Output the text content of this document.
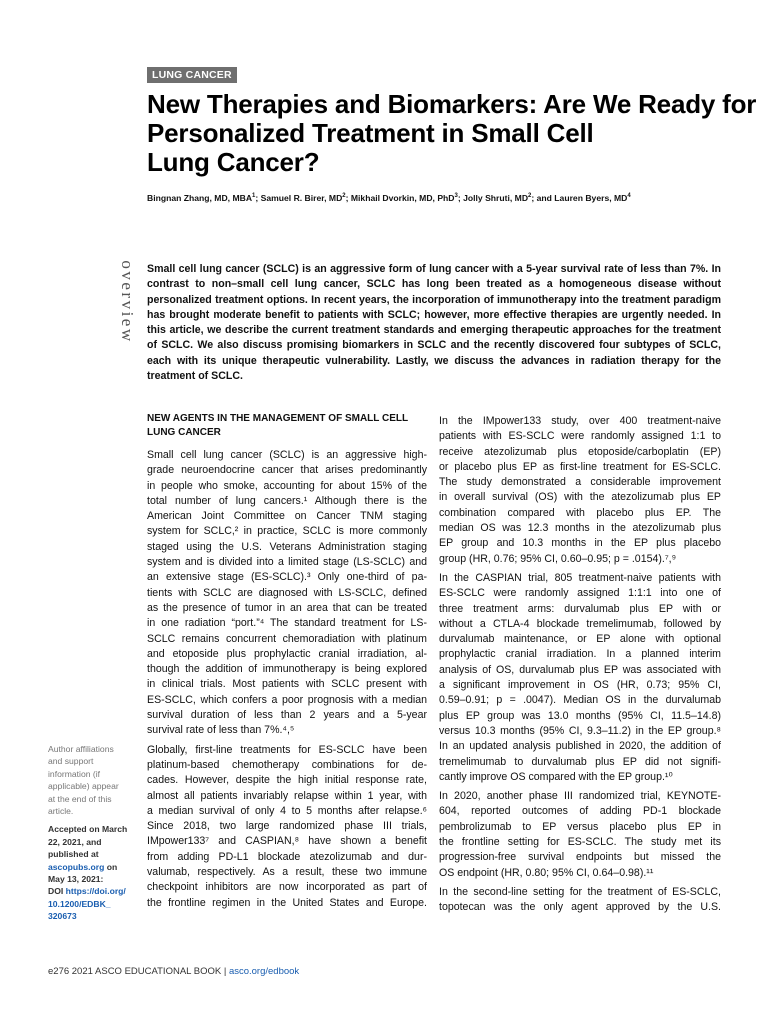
LUNG CANCER
New Therapies and Biomarkers: Are We Ready for
Personalized Treatment in Small Cell
Lung Cancer?
Bingnan Zhang, MD, MBA$^1$; Samuel R. Birer, $MD^2$; Mikhail Dvorkin, MD, PhD$^3$; Jolly Shruti, $MD^2$; and Lauren Byers, $MD^4$
overview Small cell lung cancer (SCLC) is an aggressive form of lung cancer with a 5-year survival rate of less than 7%. In contrast to non–small cell lung cancer, SCLC has long been treated as a homogeneous disease without personalized treatment options. In recent years, the incorporation of immunotherapy into the treatment paradigm has brought moderate benefit to patients with SCLC; however, more effective therapies are urgently needed. In this article, we describe the current treatment standards and emerging therapeutic approaches for the treatment of SCLC. We also discuss promising biomarkers in SCLC and the recently discovered four subtypes of SCLC, each with its unique therapeutic vulnerability. Lastly, we discuss the advances in radiation therapy for the treatment of SCLC.

NEW AGENTS IN THE MANAGEMENT OF SMALL CELL
LUNG CANCER

Small cell lung cancer (SCLC) is an aggressive high-
grade neuroendocrine cancer that arises predominantly
in people who smoke, accounting for about 15% of the
total number of lung cancers.¹ Although there is the
American Joint Committee on Cancer TNM staging
system for SCLC,² in practice, SCLC is more commonly
staged using the U.S. Veterans Administration staging
system and is divided into a limited stage (LS-SCLC) and
an extensive stage (ES-SCLC).³ Only one-third of pa-
tients with SCLC are diagnosed with LS-SCLC, defined
as the presence of tumor in an area that can be treated
in one radiation “port.”⁴ The standard treatment for LS-
SCLC remains concurrent chemoradiation with platinum
and etoposide plus prophylactic cranial irradiation, al-
though the addition of immunotherapy is being explored
in clinical trials. Most patients with SCLC present with
ES-SCLC, which confers a poor prognosis with a median
survival duration of less than 2 years and a 5-year
survival rate of less than 7%.⁴,⁵

Globally, first-line treatments for ES-SCLC have been
platinum-based chemotherapy combinations for de-
cades. However, despite the high initial response rate,
almost all patients invariably relapse within 1 year, with
a median survival of only 4 to 5 months after relapse.⁶
Since 2018, two large randomized phase III trials,
IMpower133⁷ and CASPIAN,⁸ have shown a benefit
from adding PD-L1 blockade atezolizumab and dur-
valumab, respectively. As a result, these two immune
checkpoint inhibitors are now incorporated as part of
the frontline regimen in the United States and Europe.

In the IMpower133 study, over 400 treatment-naive
patients with ES-SCLC were randomly assigned 1:1 to
receive atezolizumab plus etoposide/carboplatin (EP)
or placebo plus EP as first-line treatment for ES-SCLC.
The study demonstrated a considerable improvement
in overall survival (OS) with the atezolizumab plus EP
combination compared with placebo plus EP. The
median OS was 12.3 months in the atezolizumab plus
EP group and 10.3 months in the EP plus placebo
group (HR, 0.76; 95% CI, 0.60–0.95; p = .0154).⁷,⁹

In the CASPIAN trial, 805 treatment-naive patients with
ES-SCLC were randomly assigned 1:1:1 into one of
three treatment arms: durvalumab plus EP with or
without a CTLA-4 blockade tremelimumab, followed by
durvalumab maintenance, or EP alone with optional
prophylactic cranial irradiation. In a planned interim
analysis of OS, durvalumab plus EP was associated with
a significant improvement in OS (HR, 0.73; 95% CI,
0.59–0.91; p = .0047). Median OS in the durvalumab
plus EP group was 13.0 months (95% CI, 11.5–14.8)
versus 10.3 months (95% CI, 9.3–11.2) in the EP group.⁸
In an updated analysis published in 2020, the addition of
tremelimumab to durvalumab plus EP did not signifi-
cantly improve OS compared with the EP group.¹⁰

In 2020, another phase III randomized trial, KEYNOTE-
604, reported outcomes of adding PD-1 blockade
pembrolizumab to EP versus placebo plus EP in
the frontline setting for ES-SCLC. The study met its
progression-free survival endpoints but missed the
OS endpoint (HR, 0.80; 95% CI, 0.64–0.98).¹¹

In the second-line setting for the treatment of ES-SCLC,
topotecan was the only agent approved by the U.S.

Author affiliations
and support
information (if
applicable) appear
at the end of this
article.
Accepted on March
22, 2021, and
published at
ascopubs.org on
May 13, 2021:
DOI https://doi.org/
10.1200/EDBK_
320673
e276 2021 ASCO EDUCATIONAL BOOK | asco.org/edbook
